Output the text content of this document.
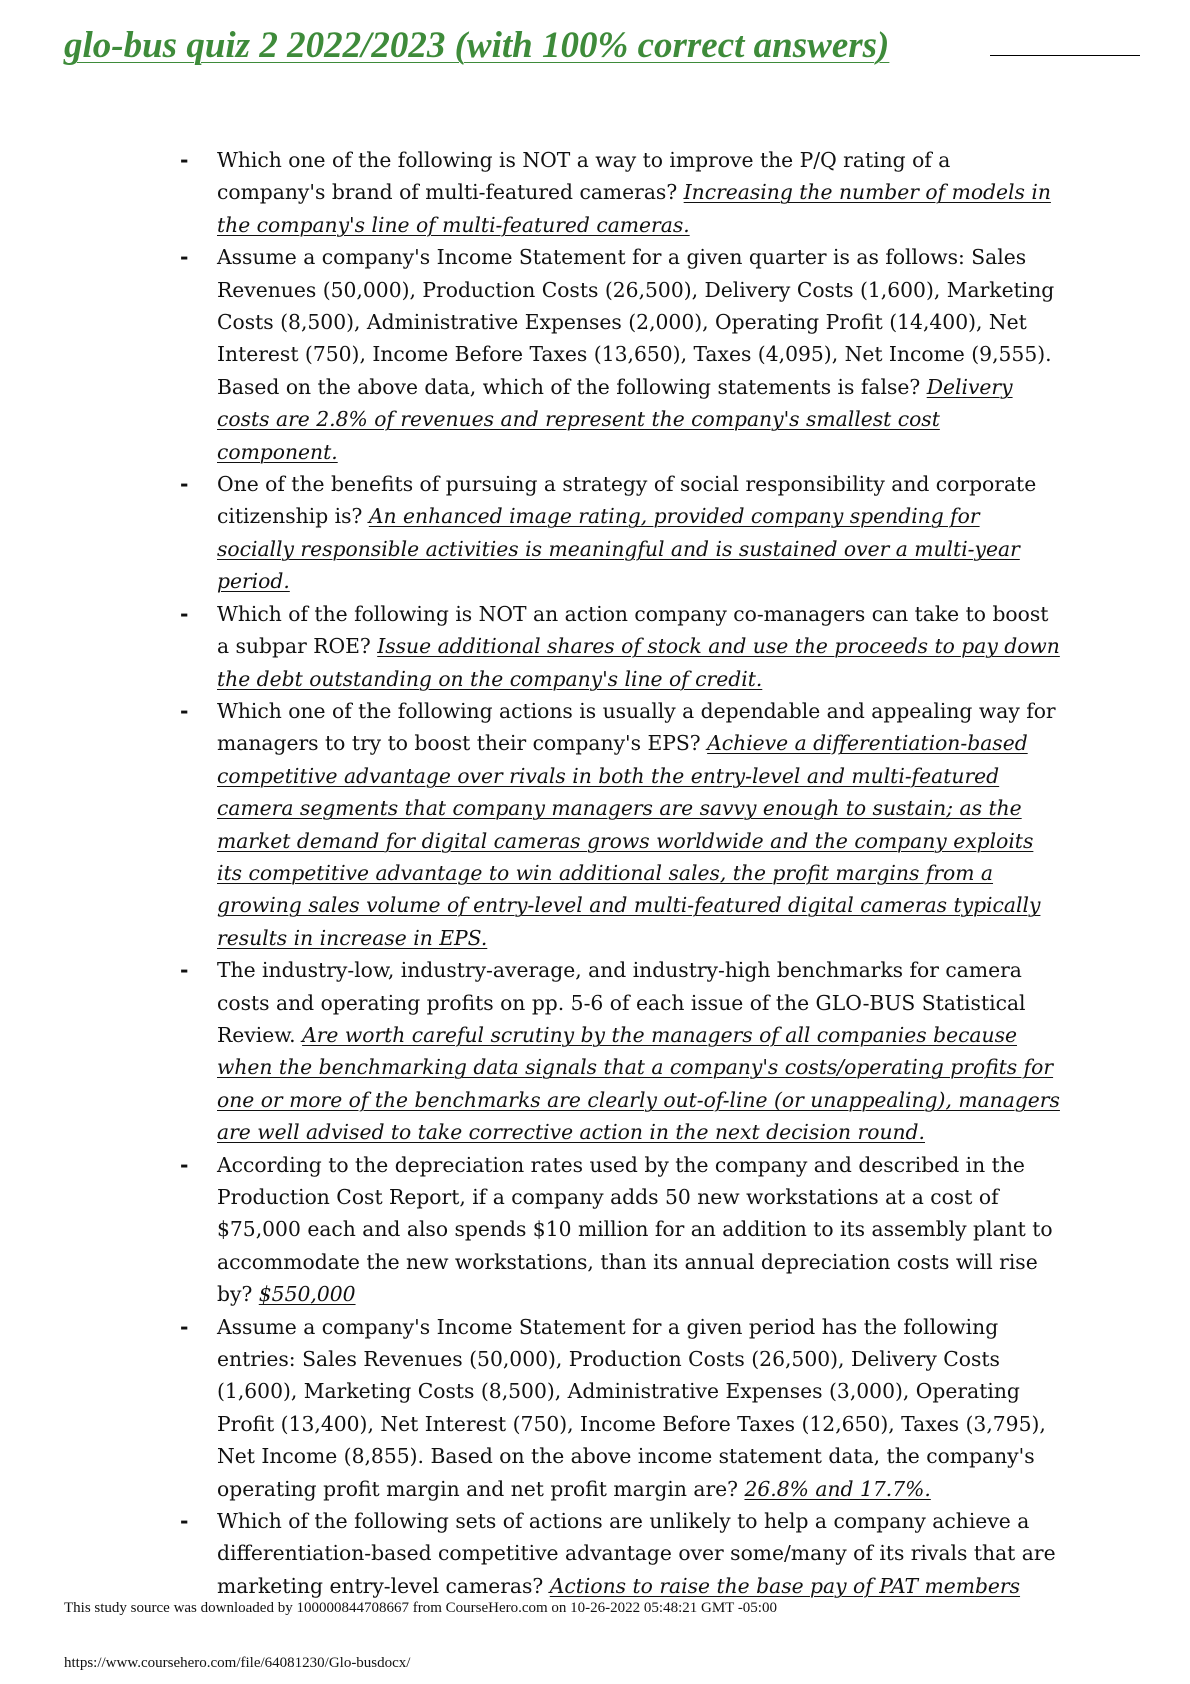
glo-bus quiz 2 2022/2023 (with 100% correct answers)
- Which one of the following is NOT a way to improve the P/Q rating of a company's brand of multi-featured cameras? Increasing the number of models in the company's line of multi-featured cameras.
- Assume a company's Income Statement for a given quarter is as follows: Sales Revenues (50,000), Production Costs (26,500), Delivery Costs (1,600), Marketing Costs (8,500), Administrative Expenses (2,000), Operating Profit (14,400), Net Interest (750), Income Before Taxes (13,650), Taxes (4,095), Net Income (9,555). Based on the above data, which of the following statements is false? Delivery costs are 2.8% of revenues and represent the company's smallest cost component.
- One of the benefits of pursuing a strategy of social responsibility and corporate citizenship is? An enhanced image rating, provided company spending for socially responsible activities is meaningful and is sustained over a multi-year period.
- Which of the following is NOT an action company co-managers can take to boost a subpar ROE? Issue additional shares of stock and use the proceeds to pay down the debt outstanding on the company's line of credit.
- Which one of the following actions is usually a dependable and appealing way for managers to try to boost their company's EPS? Achieve a differentiation-based competitive advantage over rivals in both the entry-level and multi-featured camera segments that company managers are savvy enough to sustain; as the market demand for digital cameras grows worldwide and the company exploits its competitive advantage to win additional sales, the profit margins from a growing sales volume of entry-level and multi-featured digital cameras typically results in increase in EPS.
- The industry-low, industry-average, and industry-high benchmarks for camera costs and operating profits on pp. 5-6 of each issue of the GLO-BUS Statistical Review. Are worth careful scrutiny by the managers of all companies because when the benchmarking data signals that a company's costs/operating profits for one or more of the benchmarks are clearly out-of-line (or unappealing), managers are well advised to take corrective action in the next decision round.
- According to the depreciation rates used by the company and described in the Production Cost Report, if a company adds 50 new workstations at a cost of $75,000 each and also spends $10 million for an addition to its assembly plant to accommodate the new workstations, than its annual depreciation costs will rise by? $550,000
- Assume a company's Income Statement for a given period has the following entries: Sales Revenues (50,000), Production Costs (26,500), Delivery Costs (1,600), Marketing Costs (8,500), Administrative Expenses (3,000), Operating Profit (13,400), Net Interest (750), Income Before Taxes (12,650), Taxes (3,795), Net Income (8,855). Based on the above income statement data, the company's operating profit margin and net profit margin are? 26.8% and 17.7%.
- Which of the following sets of actions are unlikely to help a company achieve a differentiation-based competitive advantage over some/many of its rivals that are marketing entry-level cameras? Actions to raise the base pay of PAT members
This study source was downloaded by 100000844708667 from CourseHero.com on 10-26-2022 05:48:21 GMT -05:00
https://www.coursehero.com/file/64081230/Glo-busdocx/
